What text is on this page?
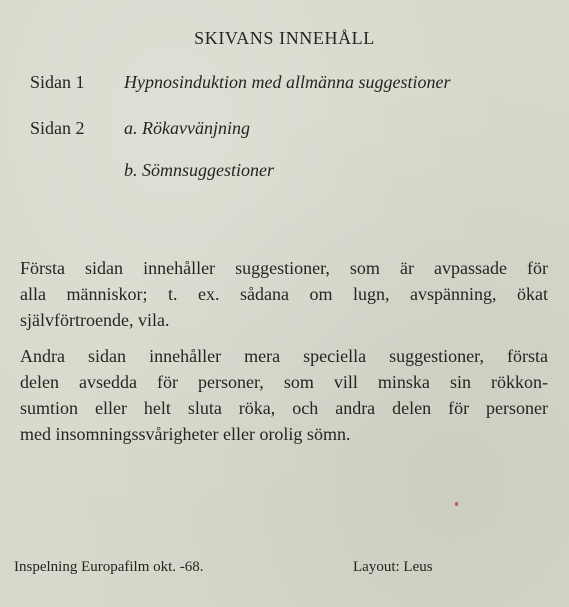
SKIVANS INNEHÅLL
Sidan 1	Hypnosinduktion med allmänna suggestioner
Sidan 2	a. Rökavvänjning
b. Sömnsuggestioner
Första sidan innehåller suggestioner, som är avpassade för
alla människor; t. ex. sådana om lugn, avspänning, ökat
självförtroende, vila.
Andra sidan innehåller mera speciella suggestioner, första
delen avsedda för personer, som vill minska sin rökkon-
sumtion eller helt sluta röka, och andra delen för personer
med insomningssvårigheter eller orolig sömn.
Inspelning Europafilm okt. -68.	Layout: Leus
